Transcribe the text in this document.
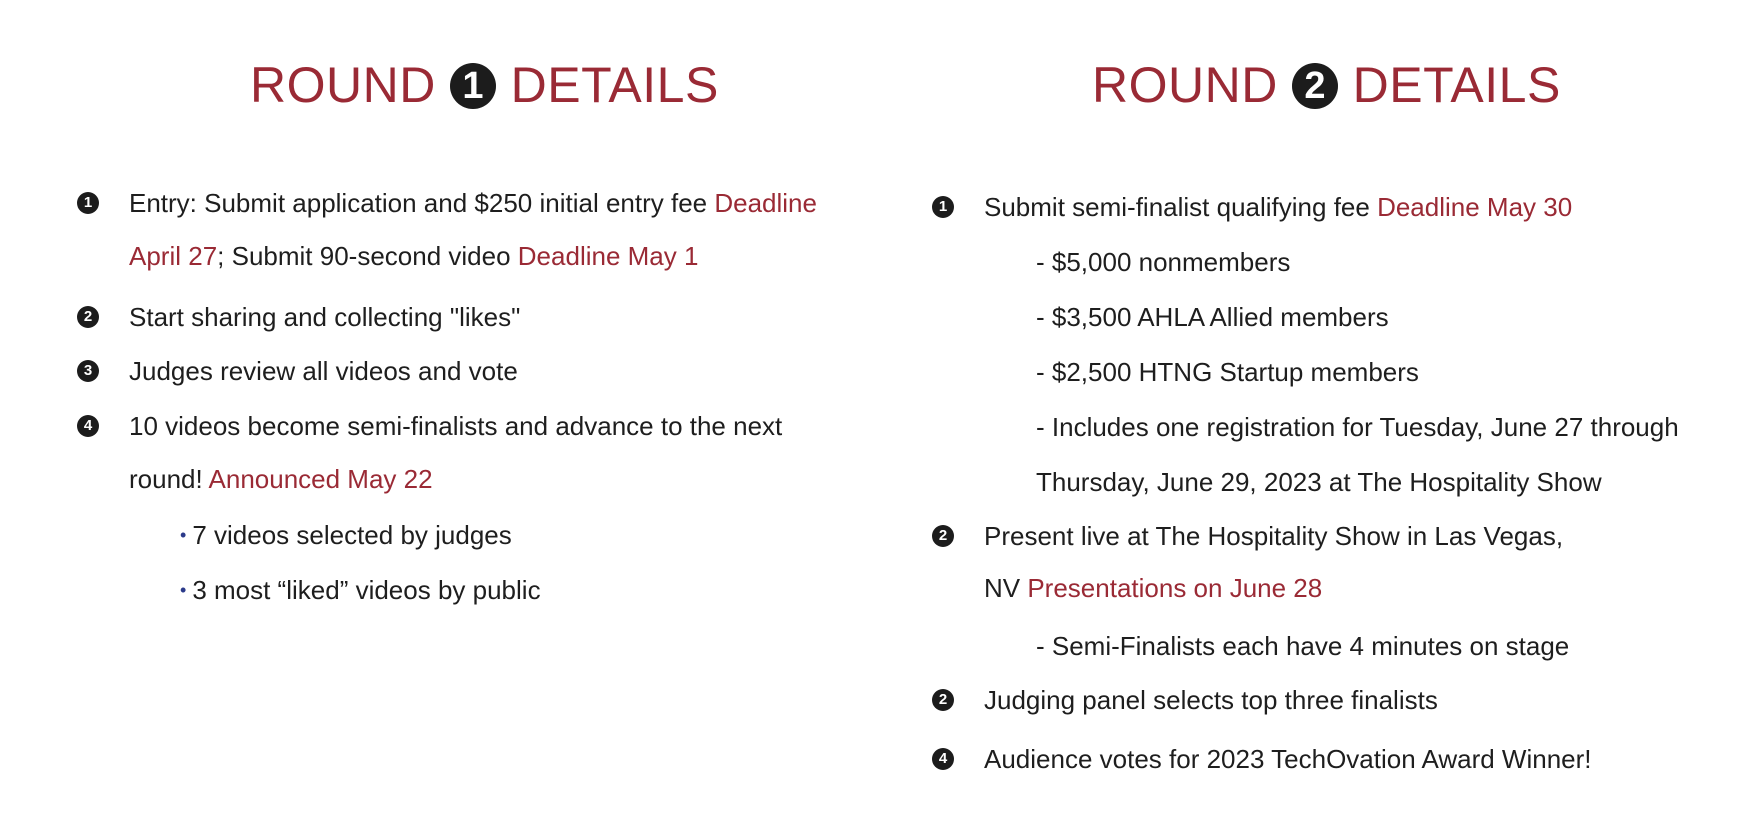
ROUND 1 DETAILS
1 Entry: Submit application and $250 initial entry fee Deadline April 27; Submit 90-second video Deadline May 1
2 Start sharing and collecting "likes"
3 Judges review all videos and vote
4 10 videos become semi-finalists and advance to the next round! Announced May 22
• 7 videos selected by judges
• 3 most “liked” videos by public
ROUND 2 DETAILS
1 Submit semi-finalist qualifying fee Deadline May 30
- $5,000 nonmembers
- $3,500 AHLA Allied members
- $2,500 HTNG Startup members
- Includes one registration for Tuesday, June 27 through
Thursday, June 29, 2023 at The Hospitality Show
2 Present live at The Hospitality Show in Las Vegas,
NV Presentations on June 28
- Semi-Finalists each have 4 minutes on stage
2 Judging panel selects top three finalists
4 Audience votes for 2023 TechOvation Award Winner!
